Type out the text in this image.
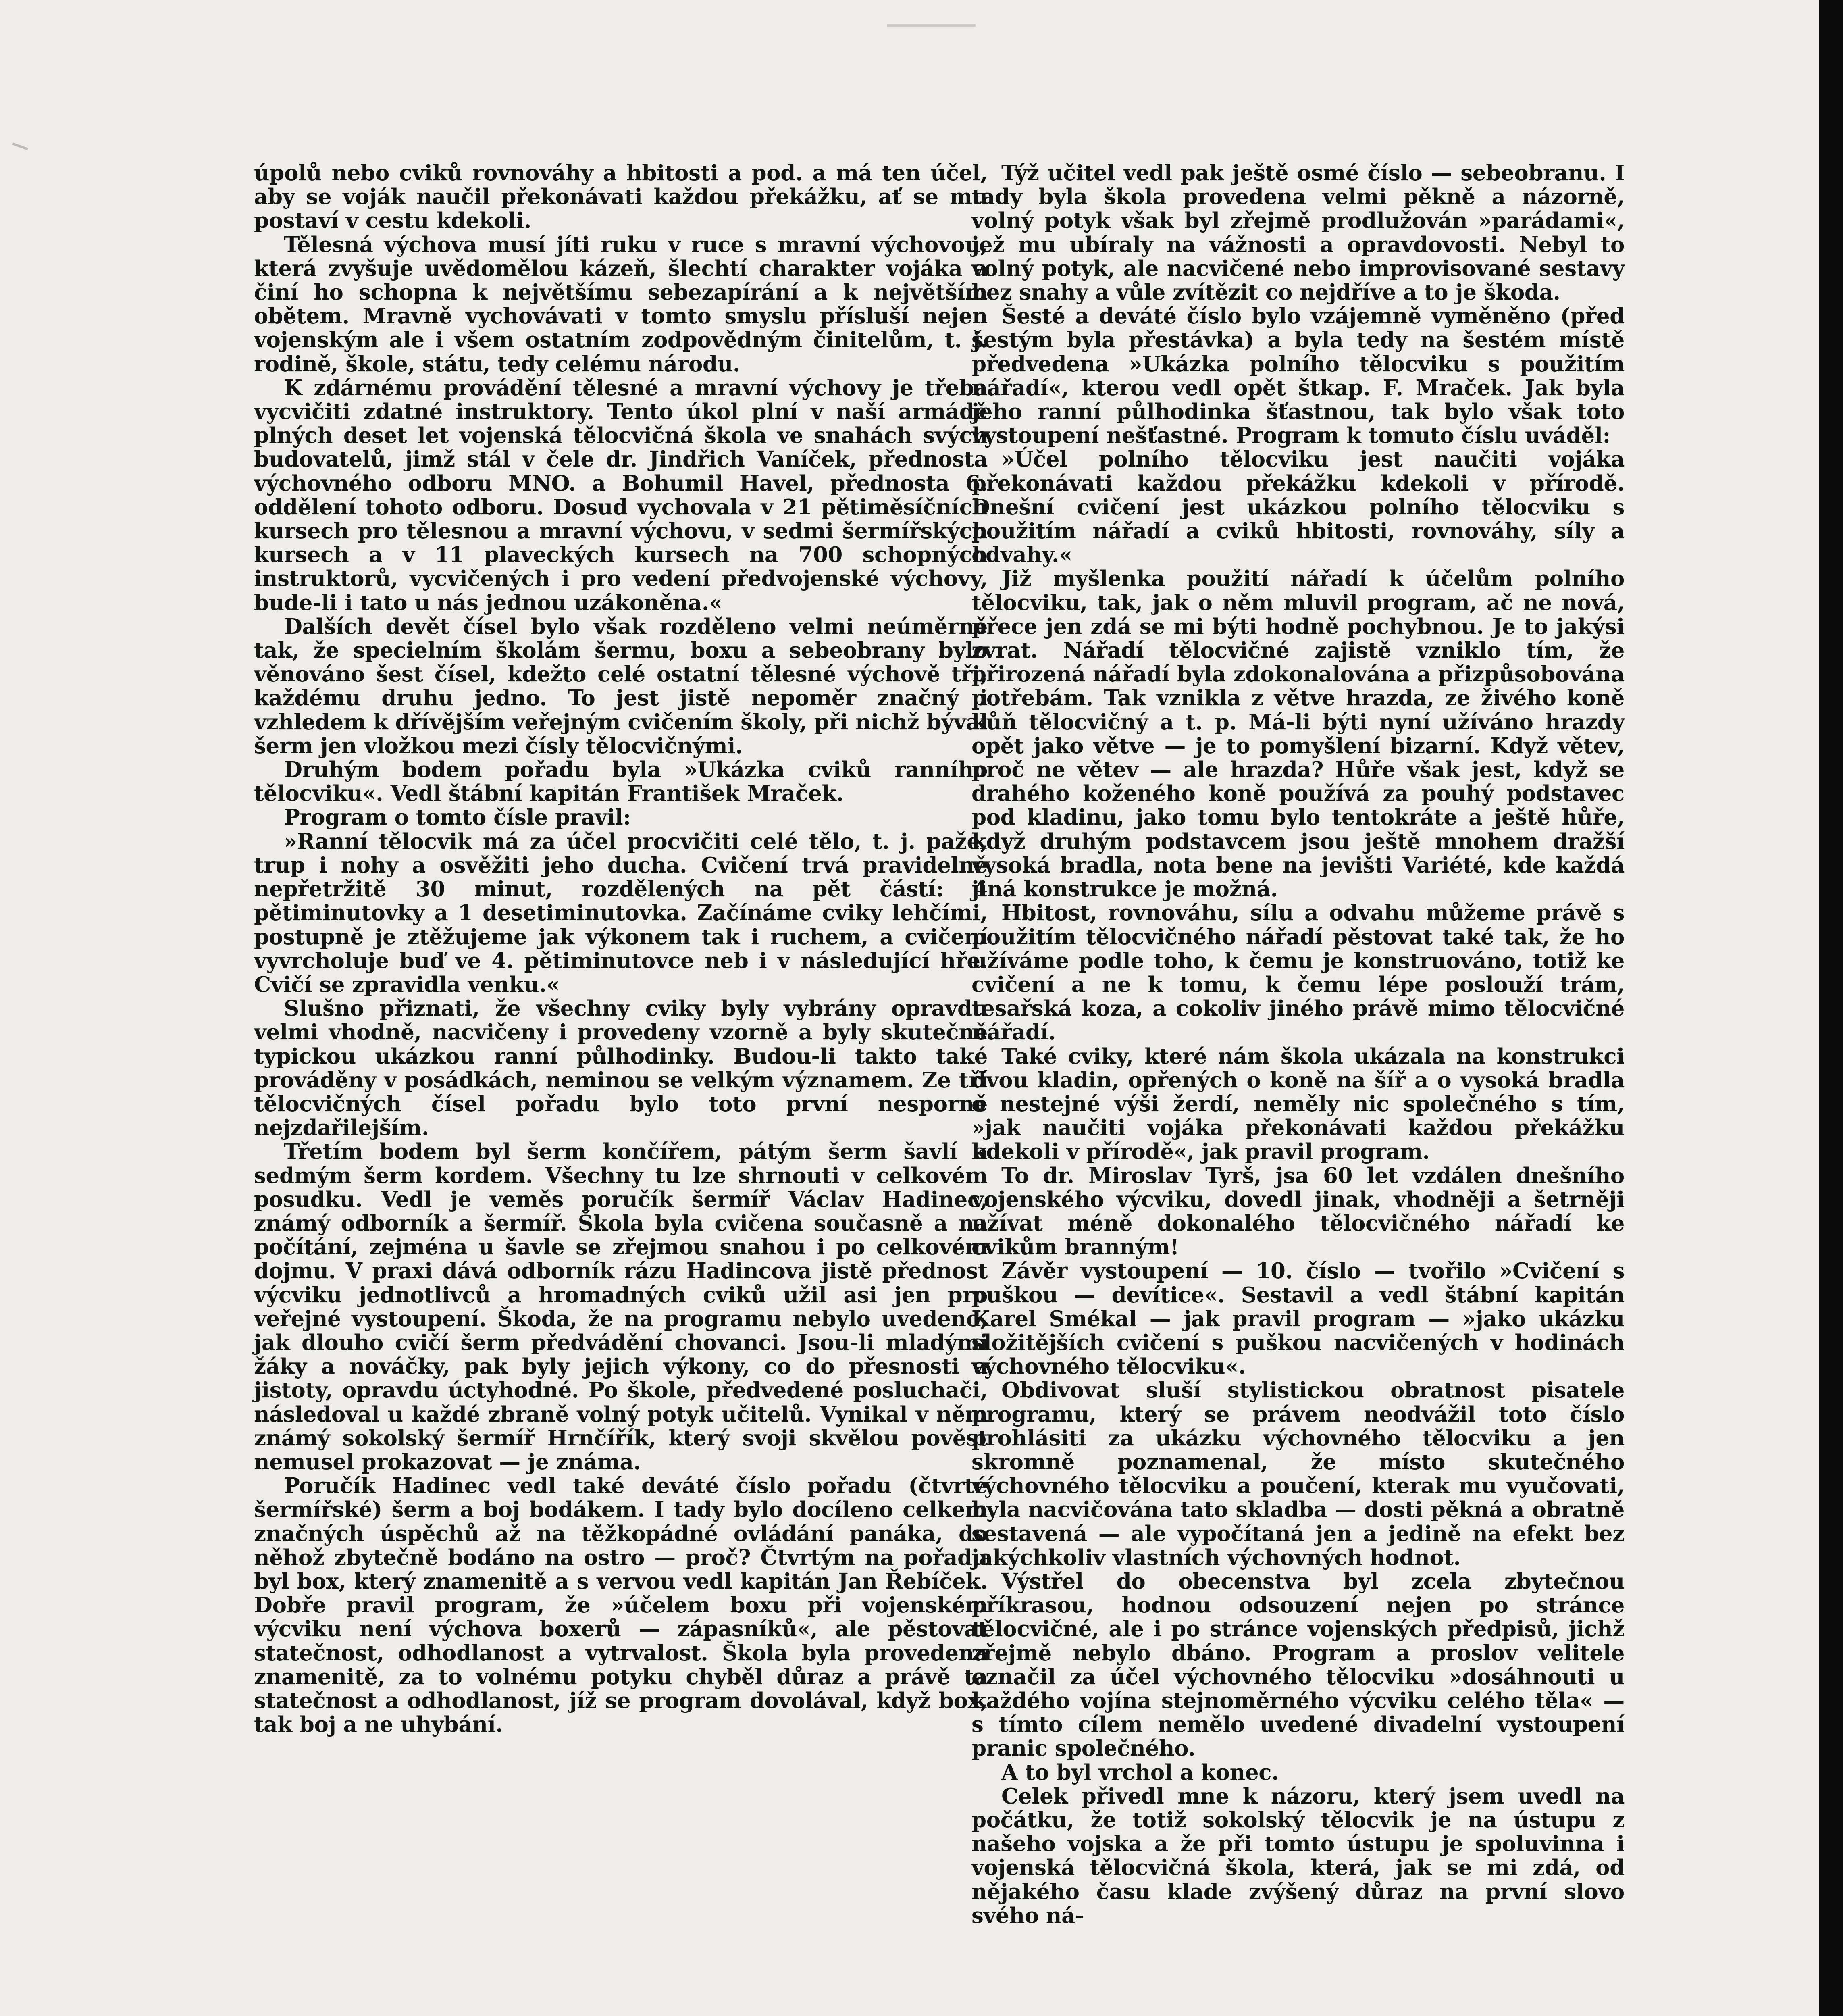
úpolů nebo cviků rovnováhy a hbitosti a pod. a má ten účel, aby se voják naučil překonávati každou překážku, ať se mu postaví v cestu kdekoli.

Tělesná výchova musí jíti ruku v ruce s mravní výchovou, která zvyšuje uvědomělou kázeň, šlechtí charakter vojáka a činí ho schopna k největšímu sebezapírání a k největším obětem. Mravně vychovávati v tomto smyslu přísluší nejen vojenským ale i všem ostatním zodpovědným činitelům, t. j. rodině, škole, státu, tedy celému národu.

K zdárnému provádění tělesné a mravní výchovy je třeba vycvičiti zdatné instruktory. Tento úkol plní v naší armádě plných deset let vojenská tělocvičná škola ve snahách svých budovatelů, jimž stál v čele dr. Jindřich Vaníček, přednosta výchovného odboru MNO. a Bohumil Havel, přednosta 6. oddělení tohoto odboru. Dosud vychovala v 21 pětiměsíčních kursech pro tělesnou a mravní výchovu, v sedmi šermířských kursech a v 11 plaveckých kursech na 700 schopných instruktorů, vycvičených i pro vedení předvojenské výchovy, bude-li i tato u nás jednou uzákoněna.«

Dalších devět čísel bylo však rozděleno velmi neúměrně tak, že specielním školám šermu, boxu a sebeobrany bylo věnováno šest čísel, kdežto celé ostatní tělesné výchově tři, každému druhu jedno. To jest jistě nepoměr značný i vzhledem k dřívějším veřejným cvičením školy, při nichž býval šerm jen vložkou mezi čísly tělocvičnými.

Druhým bodem pořadu byla »Ukázka cviků ranního tělocviku«. Vedl štábní kapitán František Mraček.

Program o tomto čísle pravil:

»Ranní tělocvik má za účel procvičiti celé tělo, t. j. paže, trup i nohy a osvěžiti jeho ducha. Cvičení trvá pravidelně nepřetržitě 30 minut, rozdělených na pět částí: 4 pětiminutovky a 1 desetiminutovka. Začínáme cviky lehčími, postupně je ztěžujeme jak výkonem tak i ruchem, a cvičení vyvrcholuje buď ve 4. pětiminutovce neb i v následující hře. Cvičí se zpravidla venku.«

Slušno přiznati, že všechny cviky byly vybrány opravdu velmi vhodně, nacvičeny i provedeny vzorně a byly skutečně typickou ukázkou ranní půlhodinky. Budou-li takto také prováděny v posádkách, neminou se velkým významem. Ze tří tělocvičných čísel pořadu bylo toto první nesporně nejzdařilejším.

Třetím bodem byl šerm končířem, pátým šerm šavlí a sedmým šerm kordem. Všechny tu lze shrnouti v celkovém posudku. Vedl je veměs poručík šermíř Václav Hadinec, známý odborník a šermíř. Škola byla cvičena současně a na počítání, zejména u šavle se zřejmou snahou i po celkovém dojmu. V praxi dává odborník rázu Hadincova jistě přednost výcviku jednotlivců a hromadných cviků užil asi jen pro veřejné vystoupení. Škoda, že na programu nebylo uvedeno, jak dlouho cvičí šerm předvádění chovanci. Jsou-li mladými žáky a nováčky, pak byly jejich výkony, co do přesnosti a jistoty, opravdu úctyhodné. Po škole, předvedené posluchači, následoval u každé zbraně volný potyk učitelů. Vynikal v něm známý sokolský šermíř Hrnčířík, který svoji skvělou pověst nemusel prokazovat — je známa.

Poručík Hadinec vedl také deváté číslo pořadu (čtvrté šermířské) šerm a boj bodákem. I tady bylo docíleno celkem značných úspěchů až na těžkopádné ovládání panáka, do něhož zbytečně bodáno na ostro — proč? Čtvrtým na pořadu byl box, který znamenitě a s vervou vedl kapitán Jan Řebíček. Dobře pravil program, že »účelem boxu při vojenském výcviku není výchova boxerů — zápasníků«, ale pěstovat statečnost, odhodlanost a vytrvalost. Škola byla provedena znamenitě, za to volnému potyku chyběl důraz a právě ta statečnost a odhodlanost, jíž se program dovolával, když box, tak boj a ne uhybání.

Týž učitel vedl pak ještě osmé číslo — sebeobranu. I tady byla škola provedena velmi pěkně a názorně, volný potyk však byl zřejmě prodlužován »parádami«, jež mu ubíraly na vážnosti a opravdovosti. Nebyl to volný potyk, ale nacvičené nebo improvisované sestavy bez snahy a vůle zvítězit co nejdříve a to je škoda.

Šesté a deváté číslo bylo vzájemně vyměněno (před šestým byla přestávka) a byla tedy na šestém místě předvedena »Ukázka polního tělocviku s použitím nářadí«, kterou vedl opět štkap. F. Mraček. Jak byla jeho ranní půlhodinka šťastnou, tak bylo však toto vystoupení nešťastné. Program k tomuto číslu uváděl:

»Účel polního tělocviku jest naučiti vojáka překonávati každou překážku kdekoli v přírodě. Dnešní cvičení jest ukázkou polního tělocviku s použitím nářadí a cviků hbitosti, rovnováhy, síly a odvahy.«

Již myšlenka použití nářadí k účelům polního tělocviku, tak, jak o něm mluvil program, ač ne nová, přece jen zdá se mi býti hodně pochybnou. Je to jakýsi zvrat. Nářadí tělocvičné zajistě vzniklo tím, že přirozená nářadí byla zdokonalována a přizpůsobována potřebám. Tak vznikla z větve hrazda, ze živého koně kůň tělocvičný a t. p. Má-li býti nyní užíváno hrazdy opět jako větve — je to pomyšlení bizarní. Když větev, proč ne větev — ale hrazda? Hůře však jest, když se drahého koženého koně používá za pouhý podstavec pod kladinu, jako tomu bylo tentokráte a ještě hůře, když druhým podstavcem jsou ještě mnohem dražší vysoká bradla, nota bene na jevišti Variété, kde každá jiná konstrukce je možná.

Hbitost, rovnováhu, sílu a odvahu můžeme právě s použitím tělocvičného nářadí pěstovat také tak, že ho užíváme podle toho, k čemu je konstruováno, totiž ke cvičení a ne k tomu, k čemu lépe poslouží trám, tesařská koza, a cokoliv jiného právě mimo tělocvičné nářadí.

Také cviky, které nám škola ukázala na konstrukci dvou kladin, opřených o koně na šíř a o vysoká bradla o nestejné výši žerdí, neměly nic společného s tím, »jak naučiti vojáka překonávati každou překážku kdekoli v přírodě«, jak pravil program.

To dr. Miroslav Tyrš, jsa 60 let vzdálen dnešního vojenského výcviku, dovedl jinak, vhodněji a šetrněji užívat méně dokonalého tělocvičného nářadí ke cvikům branným!

Závěr vystoupení — 10. číslo — tvořilo »Cvičení s puškou — devítice«. Sestavil a vedl štábní kapitán Karel Smékal — jak pravil program — »jako ukázku složitějších cvičení s puškou nacvičených v hodinách výchovného tělocviku«.

Obdivovat sluší stylistickou obratnost pisatele programu, který se právem neodvážil toto číslo prohlásiti za ukázku výchovného tělocviku a jen skromně poznamenal, že místo skutečného výchovného tělocviku a poučení, kterak mu vyučovati, byla nacvičována tato skladba — dosti pěkná a obratně sestavená — ale vypočítaná jen a jedině na efekt bez jakýchkoliv vlastních výchovných hodnot.

Výstřel do obecenstva byl zcela zbytečnou příkrasou, hodnou odsouzení nejen po stránce tělocvičné, ale i po stránce vojenských předpisů, jichž zřejmě nebylo dbáno. Program a proslov velitele označil za účel výchovného tělocviku »dosáhnouti u každého vojína stejnoměrného výcviku celého těla« — s tímto cílem nemělo uvedené divadelní vystoupení pranic společného.

A to byl vrchol a konec.

Celek přivedl mne k názoru, který jsem uvedl na počátku, že totiž sokolský tělocvik je na ústupu z našeho vojska a že při tomto ústupu je spoluvinna i vojenská tělocvičná škola, která, jak se mi zdá, od nějakého času klade zvýšený důraz na první slovo svého ná-
